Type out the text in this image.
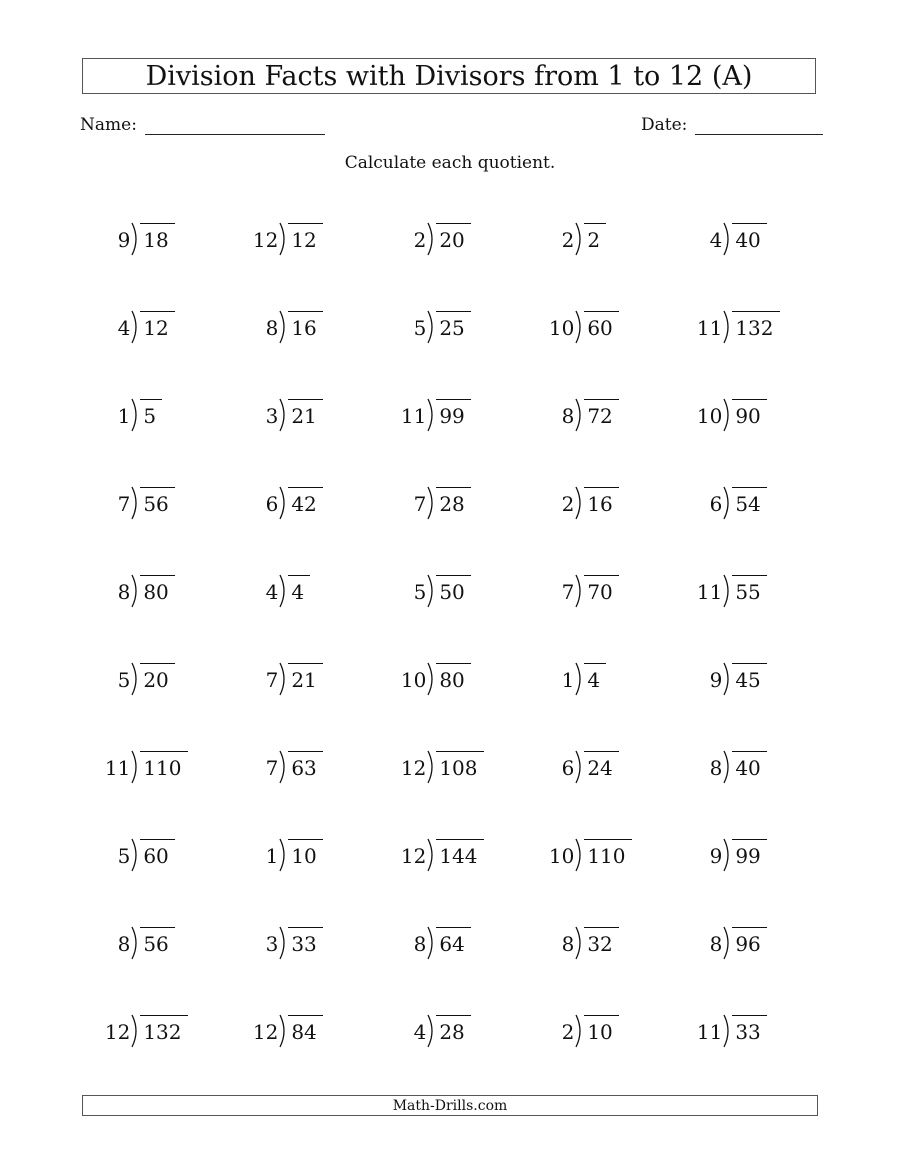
Division Facts with Divisors from 1 to 12 (A)
Name:	Date:
Calculate each quotient.
9 18	12 12	2 20	2 2	4 40
4 12	8 16	5 25	10 60	11 132
1 5	3 21	11 99	8 72	10 90
7 56	6 42	7 28	2 16	6 54
8 80	4 4	5 50	7 70	11 55
5 20	7 21	10 80	1 4	9 45
11 110	7 63	12 108	6 24	8 40
5 60	1 10	12 144	10 110	9 99
8 56	3 33	8 64	8 32	8 96
12 132	12 84	4 28	2 10	11 33
Math-Drills.com
